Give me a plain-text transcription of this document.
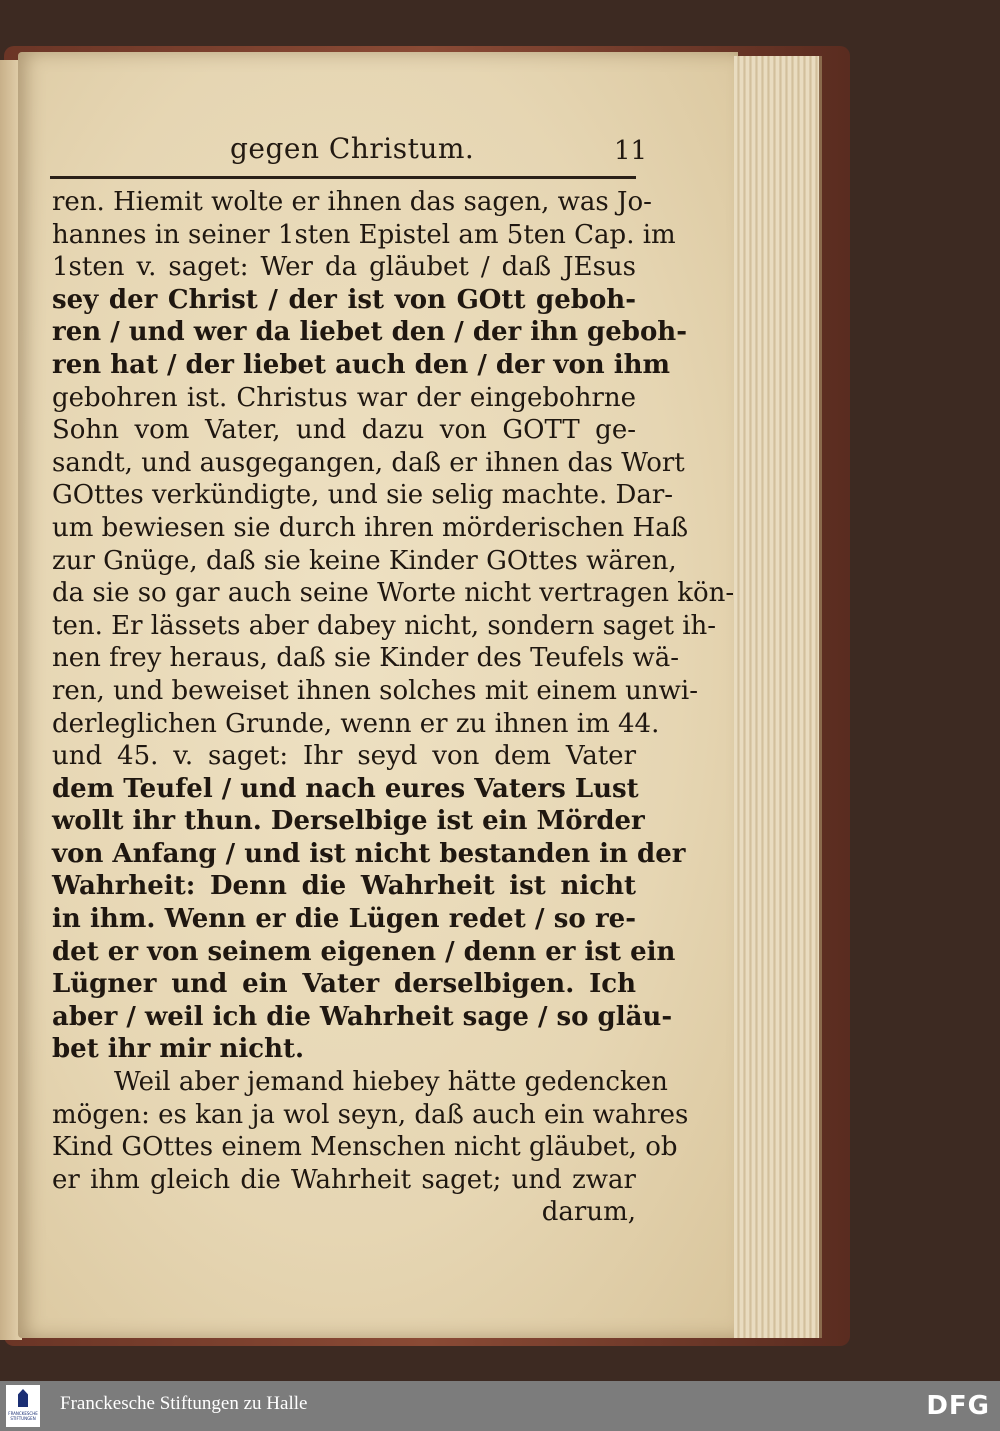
gegen Christum.	11
ren. Hiemit wolte er ihnen das sagen, was Jo-
hannes in seiner 1sten Epistel am 5ten Cap. im
1sten v. saget: Wer da gläubet / daß JEsus
sey der Christ / der ist von GOtt geboh-
ren / und wer da liebet den / der ihn geboh-
ren hat / der liebet auch den / der von ihm
gebohren ist. Christus war der eingebohrne
Sohn vom Vater, und dazu von GOTT ge-
sandt, und ausgegangen, daß er ihnen das Wort
GOttes verkündigte, und sie selig machte. Dar-
um bewiesen sie durch ihren mörderischen Haß
zur Gnüge, daß sie keine Kinder GOttes wären,
da sie so gar auch seine Worte nicht vertragen kön-
ten. Er lässets aber dabey nicht, sondern saget ih-
nen frey heraus, daß sie Kinder des Teufels wä-
ren, und beweiset ihnen solches mit einem unwi-
derleglichen Grunde, wenn er zu ihnen im 44.
und 45. v. saget: Ihr seyd von dem Vater
dem Teufel / und nach eures Vaters Lust
wollt ihr thun. Derselbige ist ein Mörder
von Anfang / und ist nicht bestanden in der
Wahrheit: Denn die Wahrheit ist nicht
in ihm. Wenn er die Lügen redet / so re-
det er von seinem eigenen / denn er ist ein
Lügner und ein Vater derselbigen. Ich
aber / weil ich die Wahrheit sage / so gläu-
bet ihr mir nicht.
Weil aber jemand hiebey hätte gedencken
mögen: es kan ja wol seyn, daß auch ein wahres
Kind GOttes einem Menschen nicht gläubet, ob
er ihm gleich die Wahrheit saget; und zwar
darum,
FRANCKESCHE STIFTUNGEN
Franckesche Stiftungen zu Halle	DFG
